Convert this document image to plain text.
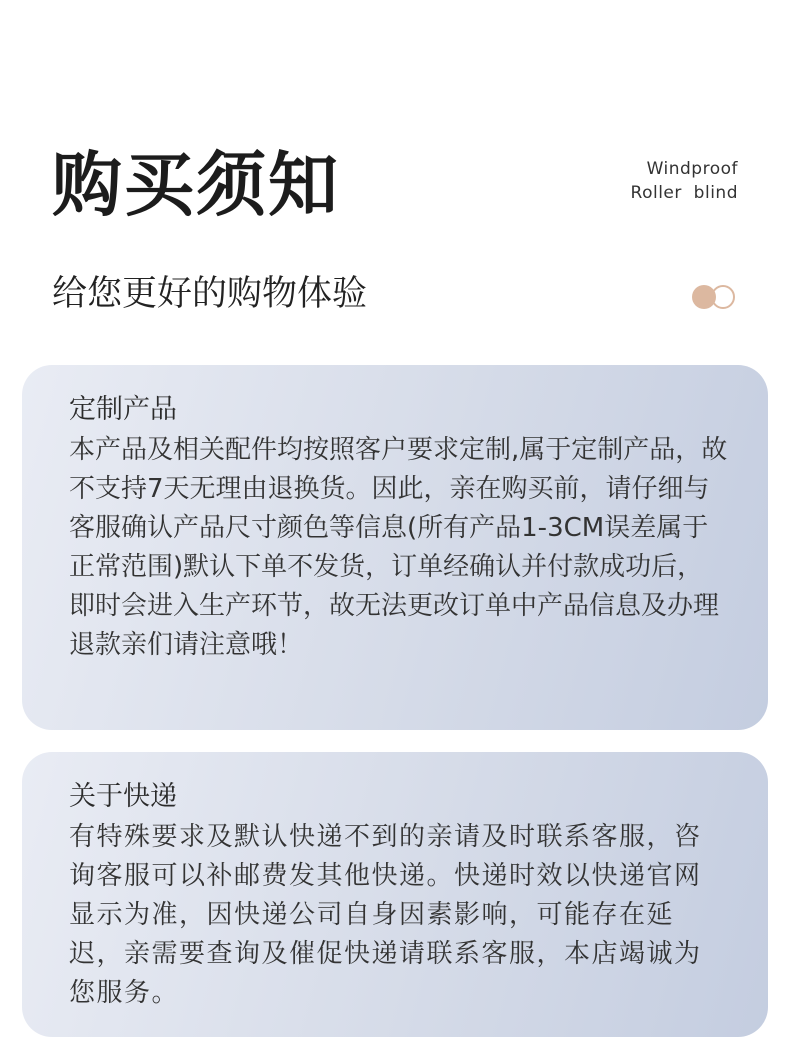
购买须知	Windproof
Roller  blind
给您更好的购物体验
定制产品

本产品及相关配件均按照客户要求定制,属于定制产品，故不支持7天无理由退换货。因此，亲在购买前，请仔细与客服确认产品尺寸颜色等信息(所有产品1-3CM误差属于正常范围)默认下单不发货，订单经确认并付款成功后，即时会进入生产环节，故无法更改订单中产品信息及办理退款亲们请注意哦！

关于快递

有特殊要求及默认快递不到的亲请及时联系客服，咨询客服可以补邮费发其他快递。快递时效以快递官网显示为准，因快递公司自身因素影响，可能存在延迟，亲需要查询及催促快递请联系客服，本店竭诚为您服务。
